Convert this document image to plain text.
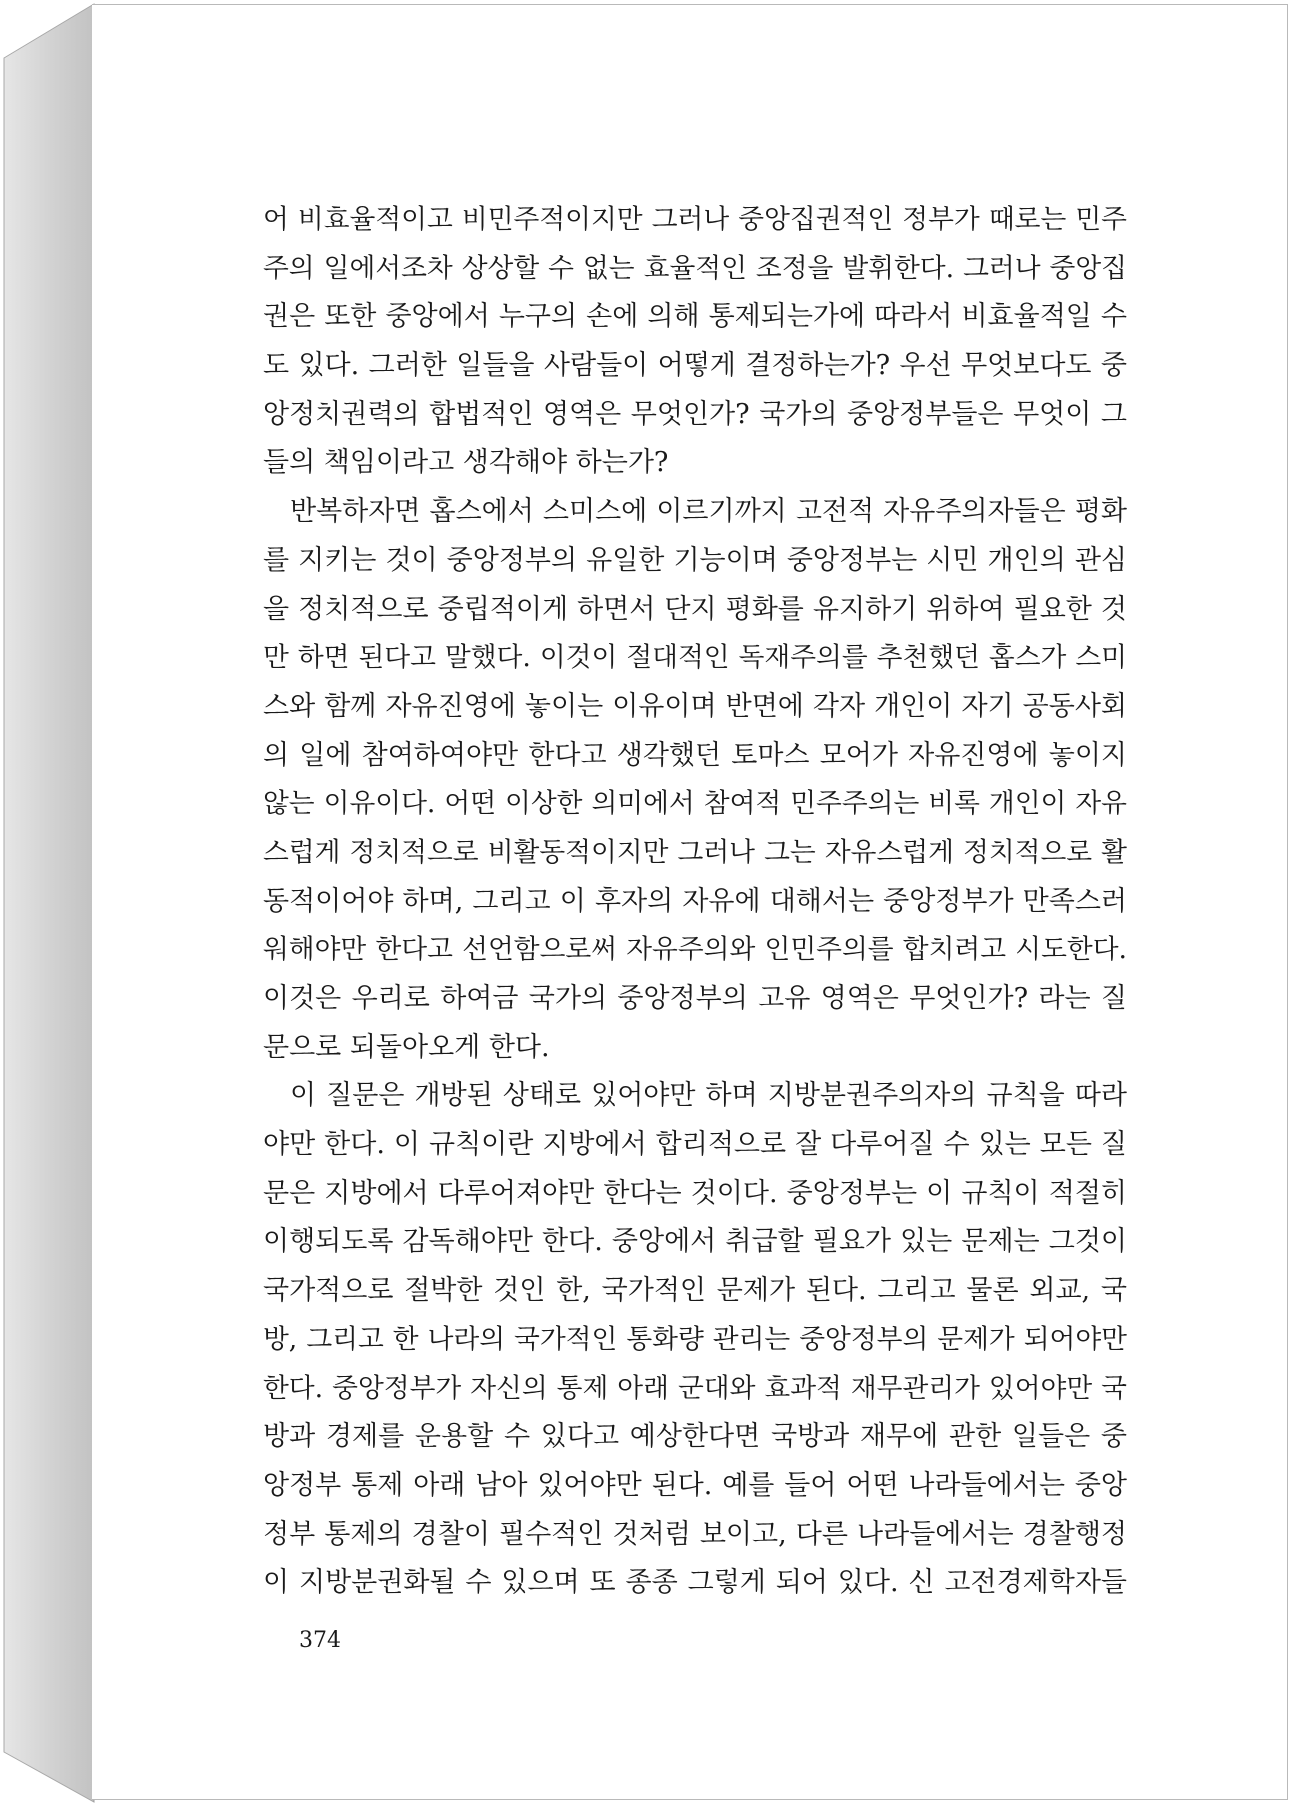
어 비효율적이고 비민주적이지만 그러나 중앙집권적인 정부가 때로는 민주
주의 일에서조차 상상할 수 없는 효율적인 조정을 발휘한다. 그러나 중앙집
권은 또한 중앙에서 누구의 손에 의해 통제되는가에 따라서 비효율적일 수
도 있다. 그러한 일들을 사람들이 어떻게 결정하는가? 우선 무엇보다도 중
앙정치권력의 합법적인 영역은 무엇인가? 국가의 중앙정부들은 무엇이 그
들의 책임이라고 생각해야 하는가?
반복하자면 홉스에서 스미스에 이르기까지 고전적 자유주의자들은 평화
를 지키는 것이 중앙정부의 유일한 기능이며 중앙정부는 시민 개인의 관심
을 정치적으로 중립적이게 하면서 단지 평화를 유지하기 위하여 필요한 것
만 하면 된다고 말했다. 이것이 절대적인 독재주의를 추천했던 홉스가 스미
스와 함께 자유진영에 놓이는 이유이며 반면에 각자 개인이 자기 공동사회
의 일에 참여하여야만 한다고 생각했던 토마스 모어가 자유진영에 놓이지
않는 이유이다. 어떤 이상한 의미에서 참여적 민주주의는 비록 개인이 자유
스럽게 정치적으로 비활동적이지만 그러나 그는 자유스럽게 정치적으로 활
동적이어야 하며, 그리고 이 후자의 자유에 대해서는 중앙정부가 만족스러
워해야만 한다고 선언함으로써 자유주의와 인민주의를 합치려고 시도한다.
이것은 우리로 하여금 국가의 중앙정부의 고유 영역은 무엇인가? 라는 질
문으로 되돌아오게 한다.
이 질문은 개방된 상태로 있어야만 하며 지방분권주의자의 규칙을 따라
야만 한다. 이 규칙이란 지방에서 합리적으로 잘 다루어질 수 있는 모든 질
문은 지방에서 다루어져야만 한다는 것이다. 중앙정부는 이 규칙이 적절히
이행되도록 감독해야만 한다. 중앙에서 취급할 필요가 있는 문제는 그것이
국가적으로 절박한 것인 한, 국가적인 문제가 된다. 그리고 물론 외교, 국
방, 그리고 한 나라의 국가적인 통화량 관리는 중앙정부의 문제가 되어야만
한다. 중앙정부가 자신의 통제 아래 군대와 효과적 재무관리가 있어야만 국
방과 경제를 운용할 수 있다고 예상한다면 국방과 재무에 관한 일들은 중
앙정부 통제 아래 남아 있어야만 된다. 예를 들어 어떤 나라들에서는 중앙
정부 통제의 경찰이 필수적인 것처럼 보이고, 다른 나라들에서는 경찰행정
이 지방분권화될 수 있으며 또 종종 그렇게 되어 있다. 신 고전경제학자들
374
